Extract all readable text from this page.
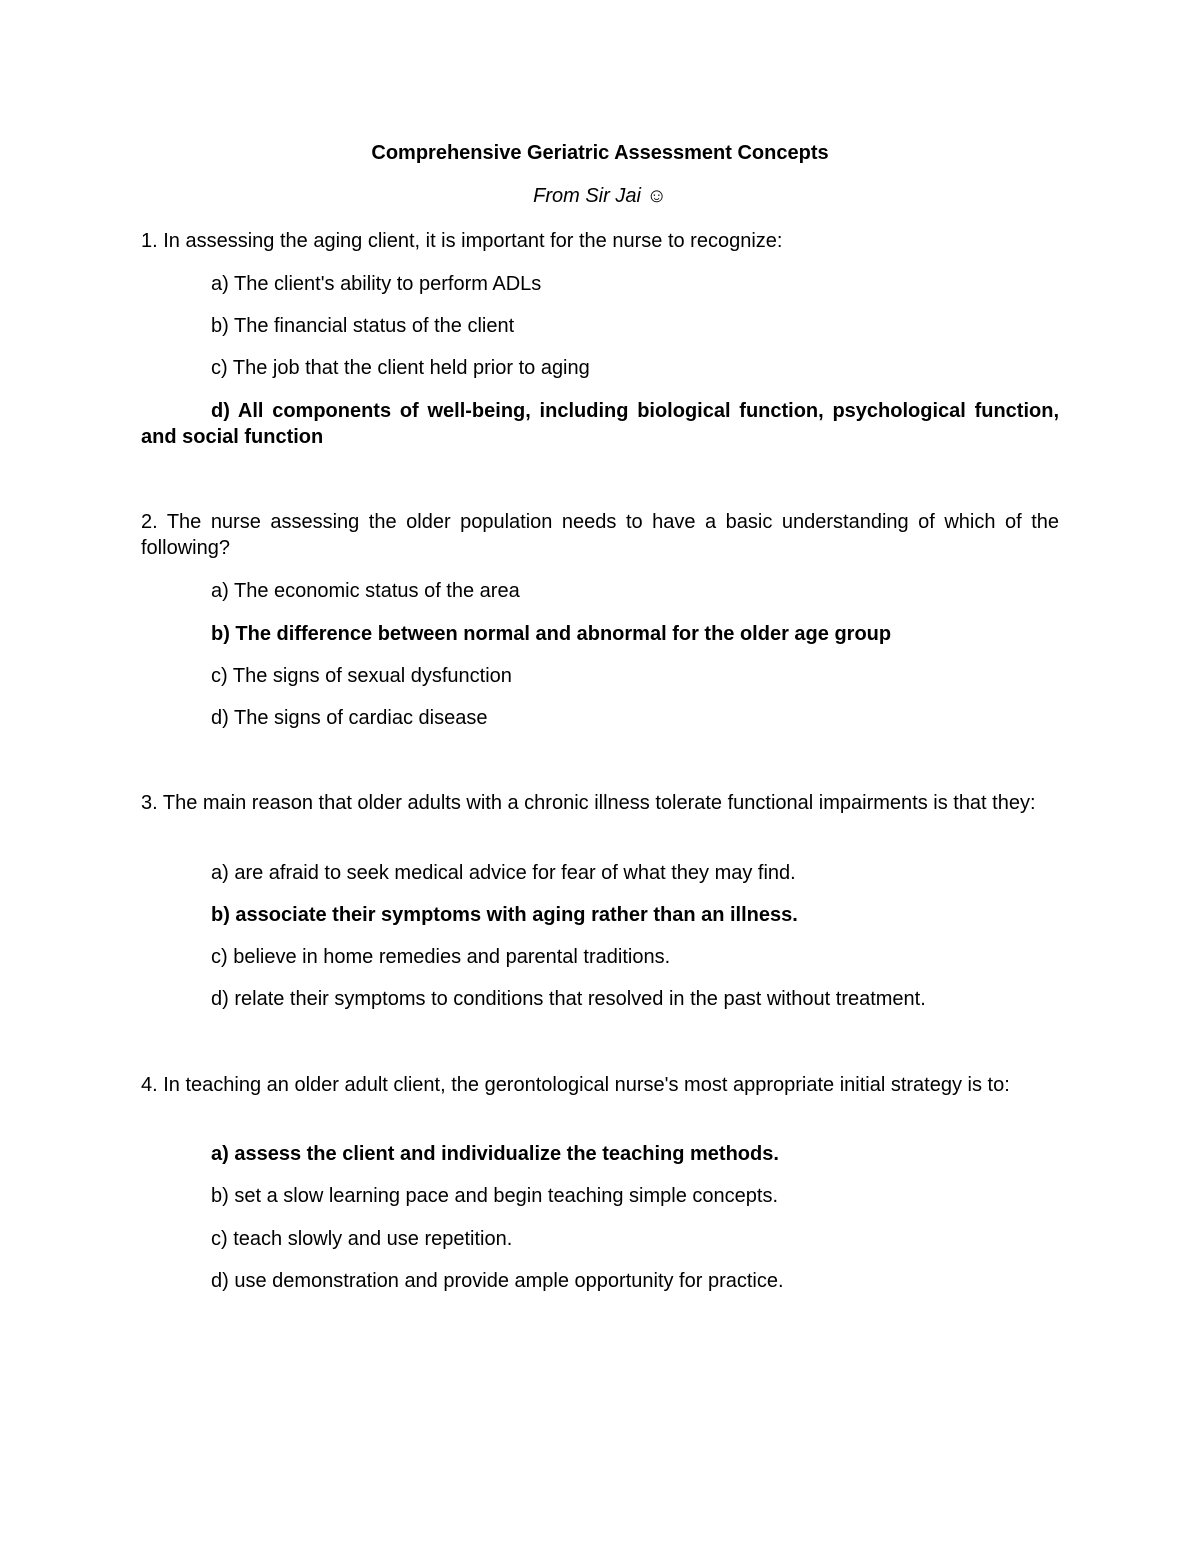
Comprehensive Geriatric Assessment Concepts
From Sir Jai ☺
1. In assessing the aging client, it is important for the nurse to recognize:
a) The client's ability to perform ADLs
b) The financial status of the client
c) The job that the client held prior to aging
d) All components of well-being, including biological function, psychological function, and social function
2. The nurse assessing the older population needs to have a basic understanding of which of the following?
a) The economic status of the area
b) The difference between normal and abnormal for the older age group
c) The signs of sexual dysfunction
d) The signs of cardiac disease
3. The main reason that older adults with a chronic illness tolerate functional impairments is that they:
a) are afraid to seek medical advice for fear of what they may find.
b) associate their symptoms with aging rather than an illness.
c) believe in home remedies and parental traditions.
d) relate their symptoms to conditions that resolved in the past without treatment.
4. In teaching an older adult client, the gerontological nurse's most appropriate initial strategy is to:
a) assess the client and individualize the teaching methods.
b) set a slow learning pace and begin teaching simple concepts.
c) teach slowly and use repetition.
d) use demonstration and provide ample opportunity for practice.
